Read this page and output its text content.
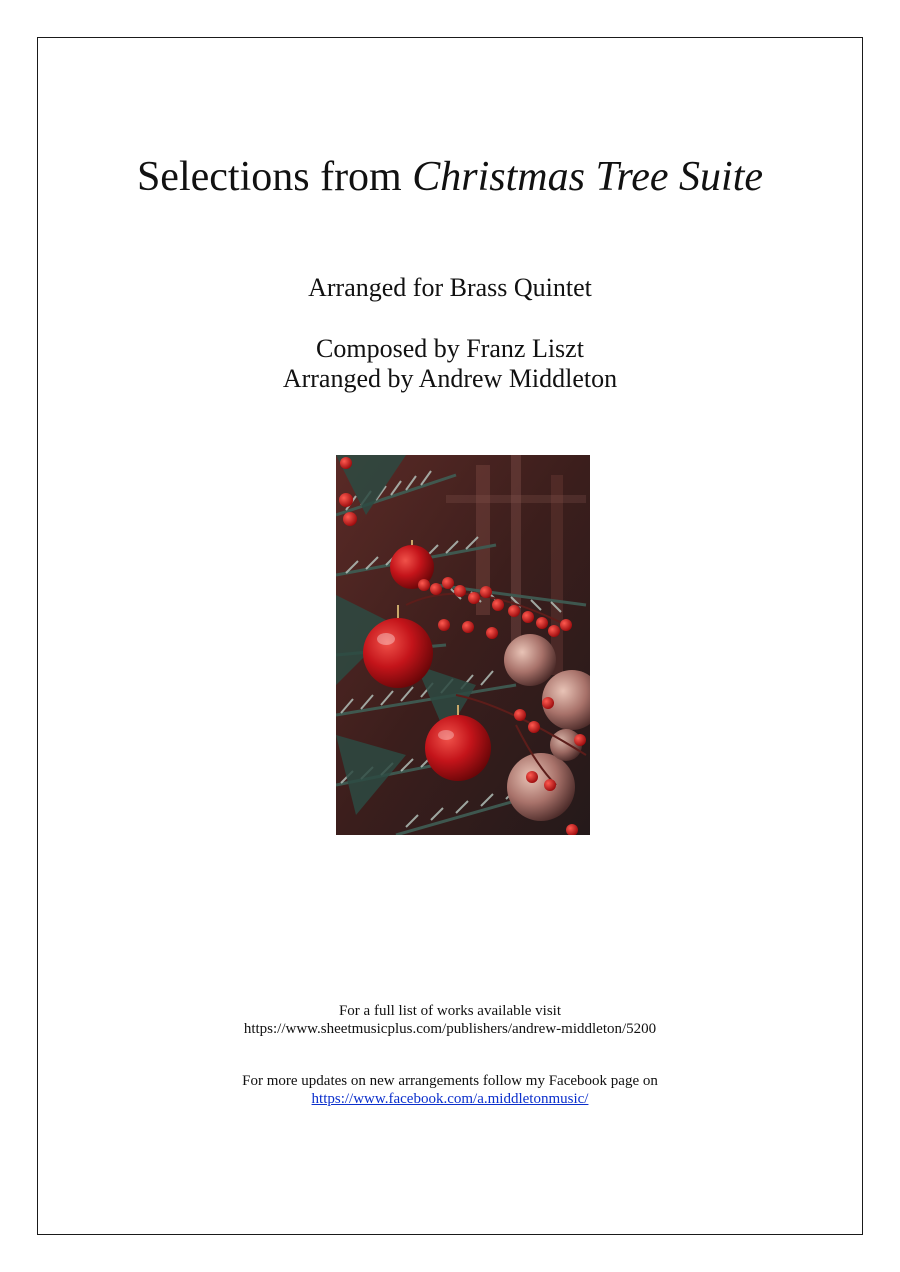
Selections from Christmas Tree Suite
Arranged for Brass Quintet
Composed by Franz Liszt
Arranged by Andrew Middleton
For a full list of works available visit
https://www.sheetmusicplus.com/publishers/andrew-middleton/5200
For more updates on new arrangements follow my Facebook page on
https://www.facebook.com/a.middletonmusic/
